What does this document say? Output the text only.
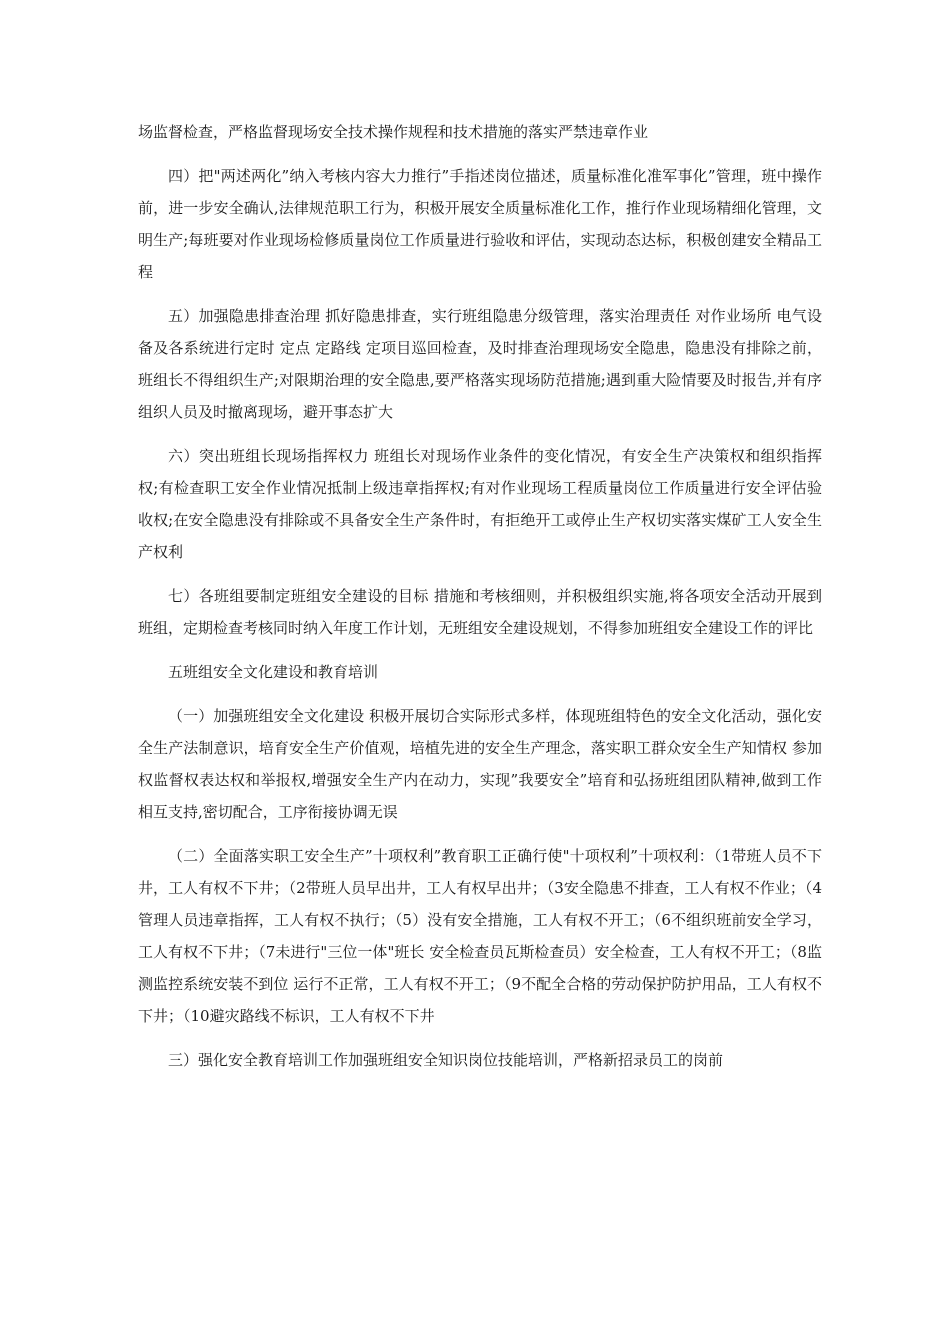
场监督检查，严格监督现场安全技术操作规程和技术措施的落实严禁违章作业

四）把"两述两化”纳入考核内容大力推行”手指述岗位描述，质量标准化准军事化”管理，班中操作前，进一步安全确认,法律规范职工行为，积极开展安全质量标准化工作，推行作业现场精细化管理，文明生产;每班要对作业现场检修质量岗位工作质量进行验收和评估，实现动态达标，积极创建安全精品工程

五）加强隐患排查治理 抓好隐患排查，实行班组隐患分级管理，落实治理责任 对作业场所 电气设备及各系统进行定时 定点 定路线 定项目巡回检查，及时排查治理现场安全隐患，隐患没有排除之前，班组长不得组织生产;对限期治理的安全隐患,要严格落实现场防范措施;遇到重大险情要及时报告,并有序组织人员及时撤离现场，避开事态扩大

六）突出班组长现场指挥权力 班组长对现场作业条件的变化情况，有安全生产决策权和组织指挥权;有检查职工安全作业情况抵制上级违章指挥权;有对作业现场工程质量岗位工作质量进行安全评估验收权;在安全隐患没有排除或不具备安全生产条件时，有拒绝开工或停止生产权切实落实煤矿工人安全生产权利

七）各班组要制定班组安全建设的目标 措施和考核细则，并积极组织实施,将各项安全活动开展到班组，定期检查考核同时纳入年度工作计划，无班组安全建设规划，不得参加班组安全建设工作的评比

五班组安全文化建设和教育培训

（一）加强班组安全文化建设 积极开展切合实际形式多样，体现班组特色的安全文化活动，强化安全生产法制意识，培育安全生产价值观，培植先进的安全生产理念，落实职工群众安全生产知情权 参加权监督权表达权和举报权,增强安全生产内在动力，实现”我要安全”培育和弘扬班组团队精神,做到工作相互支持,密切配合，工序衔接协调无误

（二）全面落实职工安全生产”十项权利”教育职工正确行使"十项权利”十项权利：（1带班人员不下井，工人有权不下井；（2带班人员早出井，工人有权早出井；（3安全隐患不排查，工人有权不作业；（4管理人员违章指挥，工人有权不执行；（5）没有安全措施，工人有权不开工；（6不组织班前安全学习，工人有权不下井；（7未进行"三位一体"班长 安全检查员瓦斯检查员）安全检查，工人有权不开工；（8监测监控系统安装不到位 运行不正常，工人有权不开工；（9不配全合格的劳动保护防护用品，工人有权不下井；（10避灾路线不标识，工人有权不下井

三）强化安全教育培训工作加强班组安全知识岗位技能培训，严格新招录员工的岗前
